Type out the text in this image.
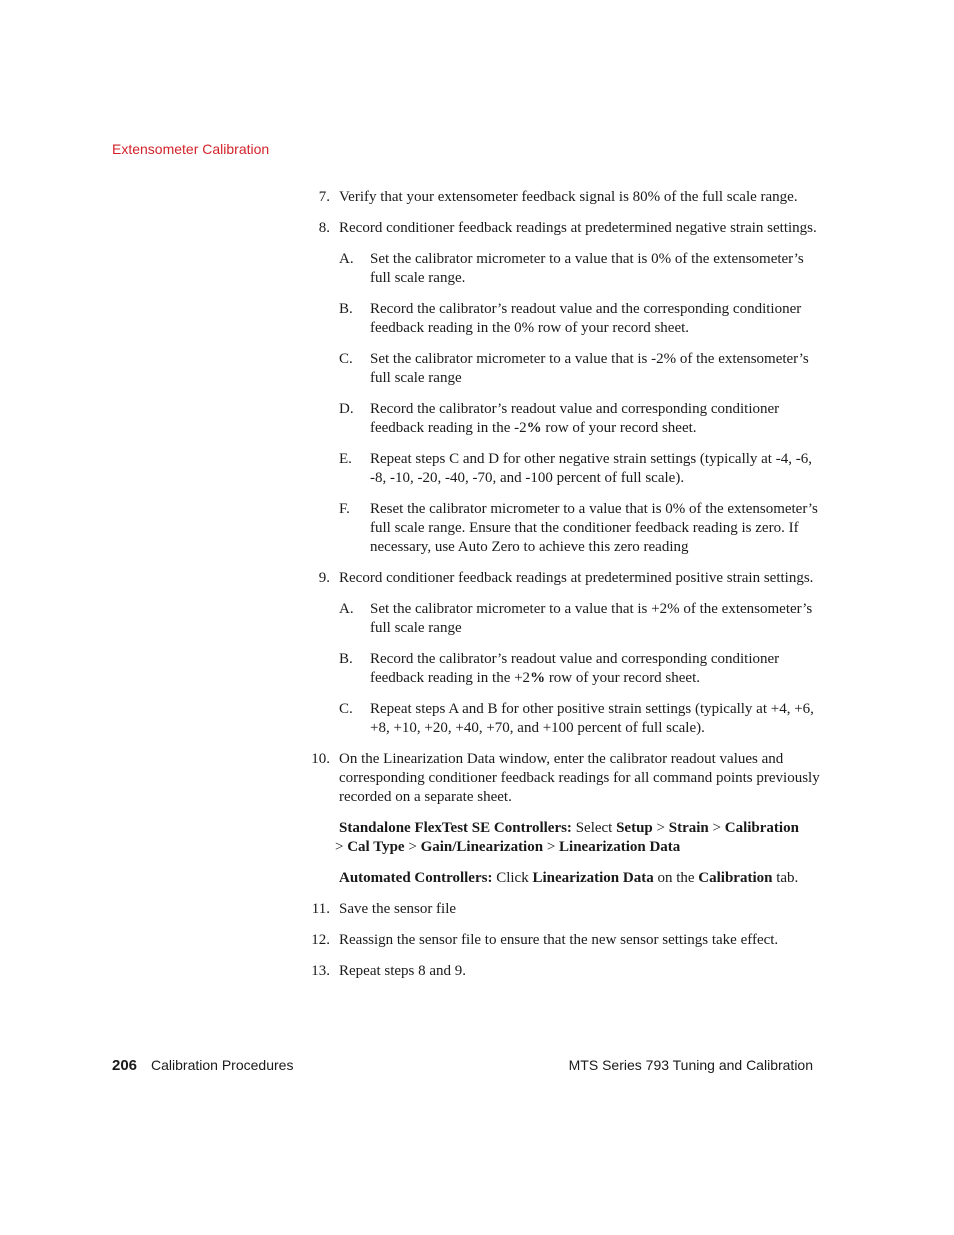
Extensometer Calibration
7. Verify that your extensometer feedback signal is 80% of the full scale range.
8. Record conditioner feedback readings at predetermined negative strain settings.
A. Set the calibrator micrometer to a value that is 0% of the extensometer’s full scale range.
B. Record the calibrator’s readout value and the corresponding conditioner feedback reading in the 0% row of your record sheet.
C. Set the calibrator micrometer to a value that is -2% of the extensometer’s full scale range
D. Record the calibrator’s readout value and corresponding conditioner feedback reading in the -2% row of your record sheet.
E. Repeat steps C and D for other negative strain settings (typically at -4, -6, -8, -10, -20, -40, -70, and -100 percent of full scale).
F. Reset the calibrator micrometer to a value that is 0% of the extensometer’s full scale range. Ensure that the conditioner feedback reading is zero. If necessary, use Auto Zero to achieve this zero reading
9. Record conditioner feedback readings at predetermined positive strain settings.
A. Set the calibrator micrometer to a value that is +2% of the extensometer’s full scale range
B. Record the calibrator’s readout value and corresponding conditioner feedback reading in the +2% row of your record sheet.
C. Repeat steps A and B for other positive strain settings (typically at +4, +6, +8, +10, +20, +40, +70, and +100 percent of full scale).
10. On the Linearization Data window, enter the calibrator readout values and corresponding conditioner feedback readings for all command points previously recorded on a separate sheet.
Standalone FlexTest SE Controllers: Select Setup > Strain > Calibration
> Cal Type > Gain/Linearization > Linearization Data
Automated Controllers: Click Linearization Data on the Calibration tab.
11. Save the sensor file
12. Reassign the sensor file to ensure that the new sensor settings take effect.
13. Repeat steps 8 and 9.
206 Calibration Procedures	MTS Series 793 Tuning and Calibration
